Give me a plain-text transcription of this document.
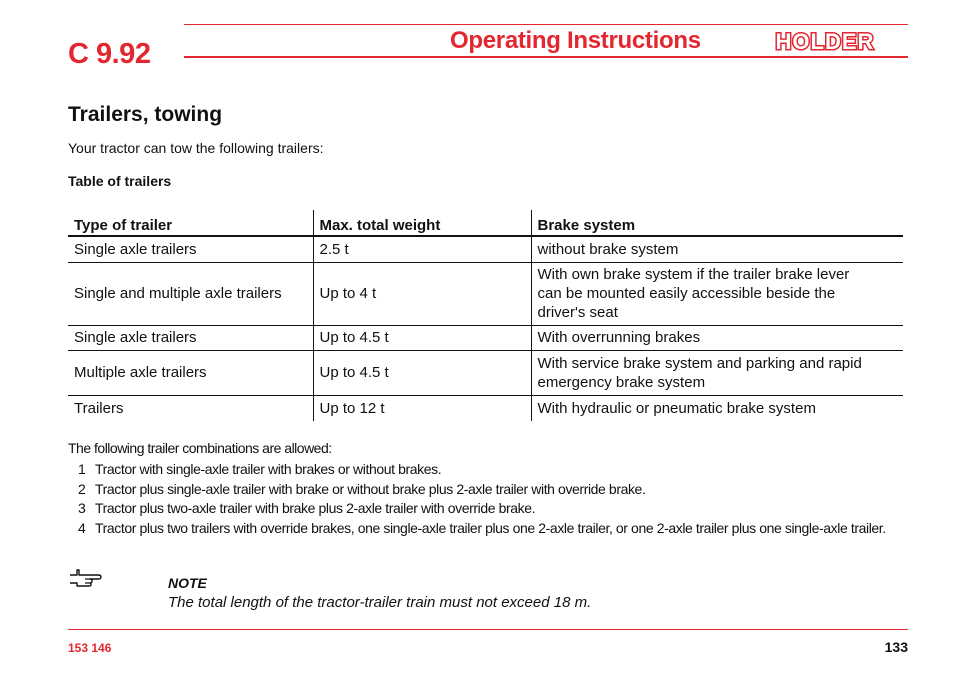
C 9.92	Operating Instructions	HOLDER
Trailers, towing
Your tractor can tow the following trailers:
Table of trailers
Type of trailer	Max. total weight	Brake system
Single axle trailers	2.5 t	without brake system
Single and multiple axle trailers	Up to 4 t	With own brake system if the trailer brake lever can be mounted easily accessible beside the driver's seat
Single axle trailers	Up to 4.5 t	With overrunning brakes
Multiple axle trailers	Up to 4.5 t	With service brake system and parking and rapid emergency brake system
Trailers	Up to 12 t	With hydraulic or pneumatic brake system
The following trailer combinations are allowed:
1 Tractor with single-axle trailer with brakes or without brakes.
2 Tractor plus single-axle trailer with brake or without brake plus 2-axle trailer with override brake.
3 Tractor plus two-axle trailer with brake plus 2-axle trailer with override brake.
4 Tractor plus two trailers with override brakes, one single-axle trailer plus one 2-axle trailer, or one 2-axle trailer plus one single-axle trailer.
NOTE
The total length of the tractor-trailer train must not exceed 18 m.
153 146	133
